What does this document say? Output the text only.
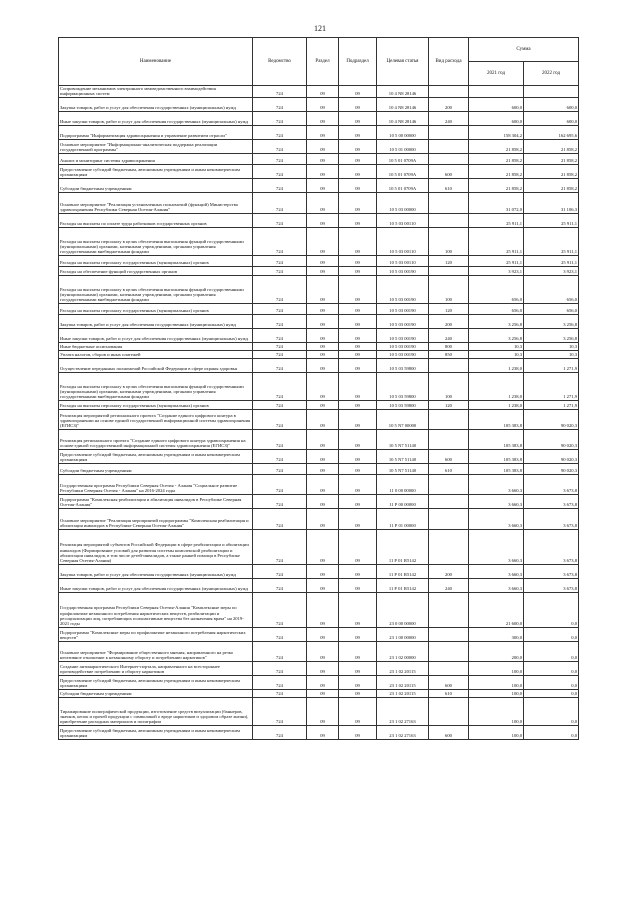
121
Наименование	Ведомство	Раздел	Подраздел	Целевая статья	Вид расхода	Сумма	
						2021 год	2022 год
Сопровождение механизмов электронного межведомственного взаимодействия информационных систем	724	09	09	10 4 N8 28146			
Закупка товаров, работ и услуг для обеспечения государственных (муниципальных) нужд	724	09	09	10 4 N8 28146	200	600,0	600,0
Иные закупки товаров, работ и услуг для обеспечения государственных (муниципальных) нужд	724	09	09	10 4 N8 28146	240	600,0	600,0
Подпрограмма "Информатизация здравоохранения и управление развитием отрасли"	724	09	09	10 5 00 00000		158 304,2	162 695,6
Основное мероприятие "Информационно-аналитическая поддержка реализации государственной программы"	724	09	09	10 5 01 00000		21 858,2	21 858,2
Анализ и мониторинг системы здравоохранения	724	09	09	10 5 01 0709А		21 858,2	21 858,2
Предоставление субсидий бюджетным, автономным учреждениям и иным некоммерческим организациям	724	09	09	10 5 01 0709А	600	21 858,2	21 858,2
Субсидии бюджетным учреждениям	724	09	09	10 5 01 0709А	610	21 858,2	21 858,2
Основное мероприятие "Реализация установленных полномочий (функций) Министерства здравоохранения Республики Северная Осетия-Алания"	724	09	09	10 5 03 00000		31 072,0	31 106,3
Расходы на выплаты по оплате труда работников государственных органов	724	09	09	10 5 03 00110		25 911,1	25 911,1
Расходы на выплаты персоналу в целях обеспечения выполнения функций государственными (муниципальными) органами, казенными учреждениями, органами управления государственными внебюджетными фондами	724	09	09	10 5 03 00110	100	25 911,1	25 911,1
Расходы на выплаты персоналу государственных (муниципальных) органов	724	09	09	10 5 03 00110	120	25 911,1	25 911,1
Расходы на обеспечение функций государственных органов	724	09	09	10 5 03 00190		3 923,1	3 923,1
Расходы на выплаты персоналу в целях обеспечения выполнения функций государственными (муниципальными) органами, казенными учреждениями, органами управления государственными внебюджетными фондами	724	09	09	10 5 03 00190	100	656,0	656,0
Расходы на выплаты персоналу государственных (муниципальных) органов	724	09	09	10 5 03 00190	120	656,0	656,0
Закупка товаров, работ и услуг для обеспечения государственных (муниципальных) нужд	724	09	09	10 5 03 00190	200	3 256,8	3 256,8
Иные закупки товаров, работ и услуг для обеспечения государственных (муниципальных) нужд	724	09	09	10 5 03 00190	240	3 256,8	3 256,8
Иные бюджетные ассигнования	724	09	09	10 5 03 00190	800	10,3	10,3
Уплата налогов, сборов и иных платежей	724	09	09	10 5 03 00190	850	10,3	10,3
Осуществление переданных полномочий Российской Федерации в сфере охраны здоровья	724	09	09	10 5 03 59800		1 238,0	1 271,9
Расходы на выплаты персоналу в целях обеспечения выполнения функций государственными (муниципальными) органами, казенными учреждениями, органами управления государственными внебюджетными фондами	724	09	09	10 5 03 59800	100	1 238,0	1 271,9
Расходы на выплаты персоналу государственных (муниципальных) органов	724	09	09	10 5 03 59800	120	1 238,0	1 271,9
Реализация мероприятий регионального проекта "Создание единого цифрового контура в здравоохранении на основе единой государственной информационной системы здравоохранения (ЕГИСЗ)"	724	09	09	10 5 N7 00000		105 383,8	90 020,3
Реализация регионального проекта "Создание единого цифрового контура здравоохранения на основе единой государственной информационной системы здравоохранения (ЕГИСЗ)"	724	09	09	10 5 N7 51140		105 383,8	90 020,3
Предоставление субсидий бюджетным, автономным учреждениям и иным некоммерческим организациям	724	09	09	10 5 N7 51140	600	105 383,8	90 020,3
Субсидии бюджетным учреждениям	724	09	09	10 5 N7 51140	610	105 383,8	90 020,3
Государственная программа Республики Северная Осетия - Алания "Социальное развитие Республики Северная Осетия - Алания" на 2016-2024 годы	724	09	09	11 0 00 00000		3 660,3	3 673,8
Подпрограмма "Комплексная реабилитация и абилитация инвалидов в Республике Северная Осетия-Алания"	724	09	09	11 Р 00 00000		3 660,3	3 673,8
Основное мероприятие "Реализация мероприятий подпрограммы "Комплексная реабилитация и абилитация инвалидов в Республике Северная Осетия-Алания"	724	09	09	11 Р 01 00000		3 660,3	3 673,8
Реализация мероприятий субъектов Российской Федерации в сфере реабилитации и абилитации инвалидов (Формирование условий для развития системы комплексной реабилитации и абилитации инвалидов, в том числе детей-инвалидов, а также ранней помощи в Республике Северная Осетия-Алания)	724	09	09	11 Р 01 R5142		3 660,3	3 673,8
Закупка товаров, работ и услуг для обеспечения государственных (муниципальных) нужд	724	09	09	11 Р 01 R5142	200	3 660,3	3 673,8
Иные закупки товаров, работ и услуг для обеспечения государственных (муниципальных) нужд	724	09	09	11 Р 01 R5142	240	3 660,3	3 673,8
Государственная программа Республики Северная Осетия-Алания "Комплексные меры по профилактике незаконного потребления наркотических веществ, реабилитации и ресоциализации лиц, потребляющих психоактивные вещества без назначения врача" на 2019-2021 годы	724	09	09	23 0 00 00000		21 600,0	0,0
Подпрограмма "Комплексные меры по профилактике незаконного потребления наркотических веществ"	724	09	09	23 1 00 00000		300,0	0,0
Основное мероприятие "Формирование общественного мнения, направленного на резко негативное отношение к незаконному обороту и потреблению наркотиков"	724	09	09	23 1 02 00000		200,0	0,0
Создание антинаркотического Интернет-портала, направленного на всестороннее противодействие потреблению и обороту наркотиков	724	09	09	23 1 02 20115		100,0	0,0
Предоставление субсидий бюджетным, автономным учреждениям и иным некоммерческим организациям	724	09	09	23 1 02 20115	600	100,0	0,0
Субсидии бюджетным учреждениям	724	09	09	23 1 02 20115	610	100,0	0,0
Тиражирование полиграфической продукции, изготовление средств визуализации (баннеров, значков, кепок и прочей продукции с символикой о вреде наркотиков и здоровом образе жизни), приобретение расходных материалов и полиграфии	724	09	09	23 1 02 27163		100,0	0,0
Предоставление субсидий бюджетным, автономным учреждениям и иным некоммерческим организациям	724	09	09	23 1 02 27163	600	100,0	0,0
